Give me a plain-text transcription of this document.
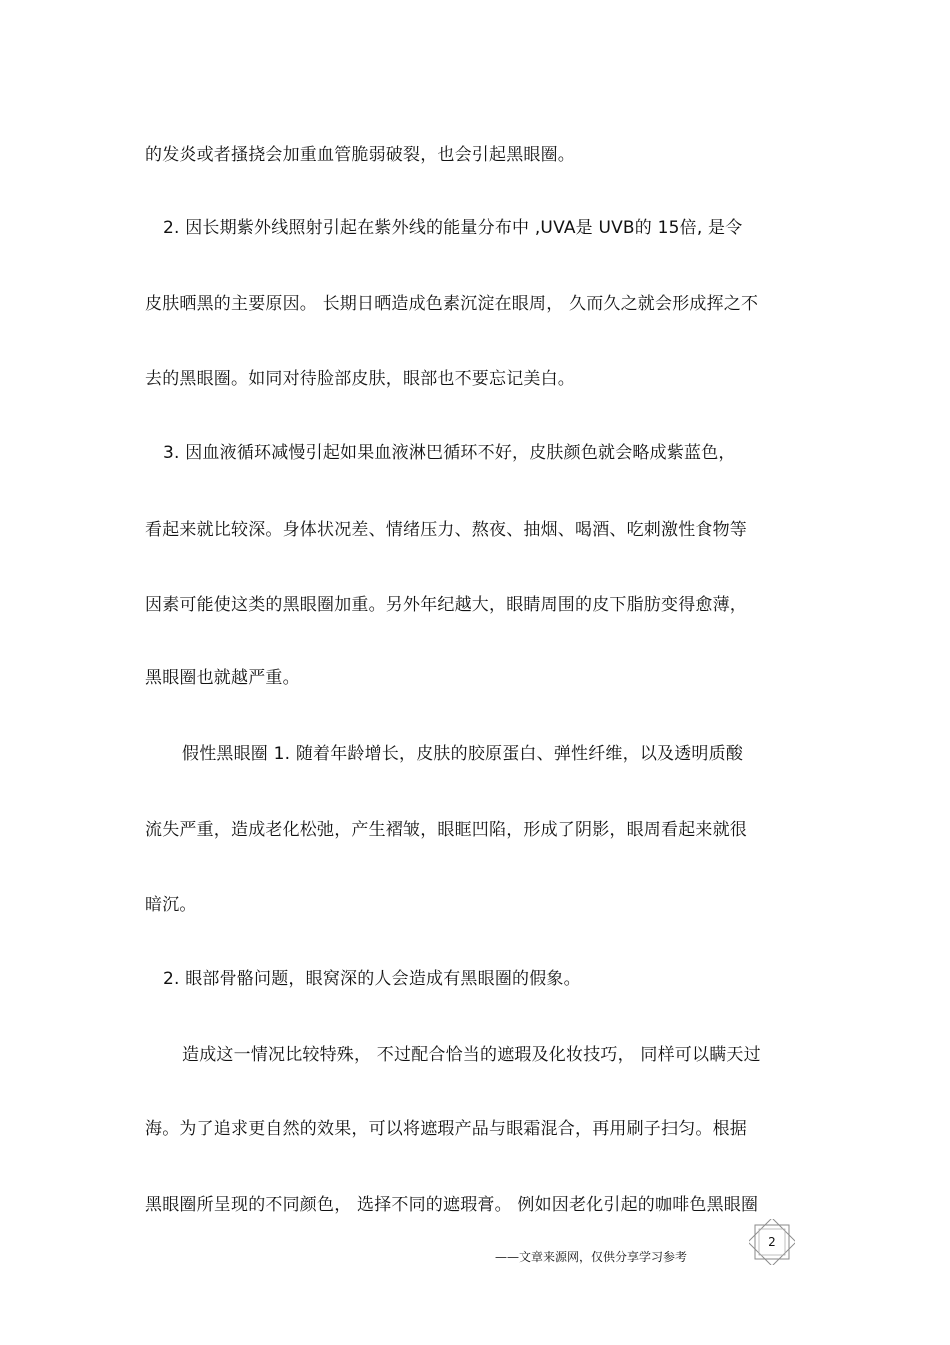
的发炎或者搔挠会加重血管脆弱破裂，也会引起黑眼圈。
2. 因长期紫外线照射引起在紫外线的能量分布中 ,UVA是 UVB的 15倍, 是令
皮肤晒黑的主要原因。 长期日晒造成色素沉淀在眼周， 久而久之就会形成挥之不
去的黑眼圈。如同对待脸部皮肤，眼部也不要忘记美白。
3. 因血液循环减慢引起如果血液淋巴循环不好，皮肤颜色就会略成紫蓝色，
看起来就比较深。身体状况差、情绪压力、熬夜、抽烟、喝酒、吃刺激性食物等
因素可能使这类的黑眼圈加重。另外年纪越大，眼睛周围的皮下脂肪变得愈薄，
黑眼圈也就越严重。
假性黑眼圈 1. 随着年龄增长，皮肤的胶原蛋白、弹性纤维，以及透明质酸
流失严重，造成老化松弛，产生褶皱，眼眶凹陷，形成了阴影，眼周看起来就很
暗沉。
2. 眼部骨骼问题，眼窝深的人会造成有黑眼圈的假象。
造成这一情况比较特殊， 不过配合恰当的遮瑕及化妆技巧， 同样可以瞒天过
海。为了追求更自然的效果，可以将遮瑕产品与眼霜混合，再用刷子扫匀。根据
黑眼圈所呈现的不同颜色， 选择不同的遮瑕膏。 例如因老化引起的咖啡色黑眼圈
2
——文章来源网，仅供分享学习参考
